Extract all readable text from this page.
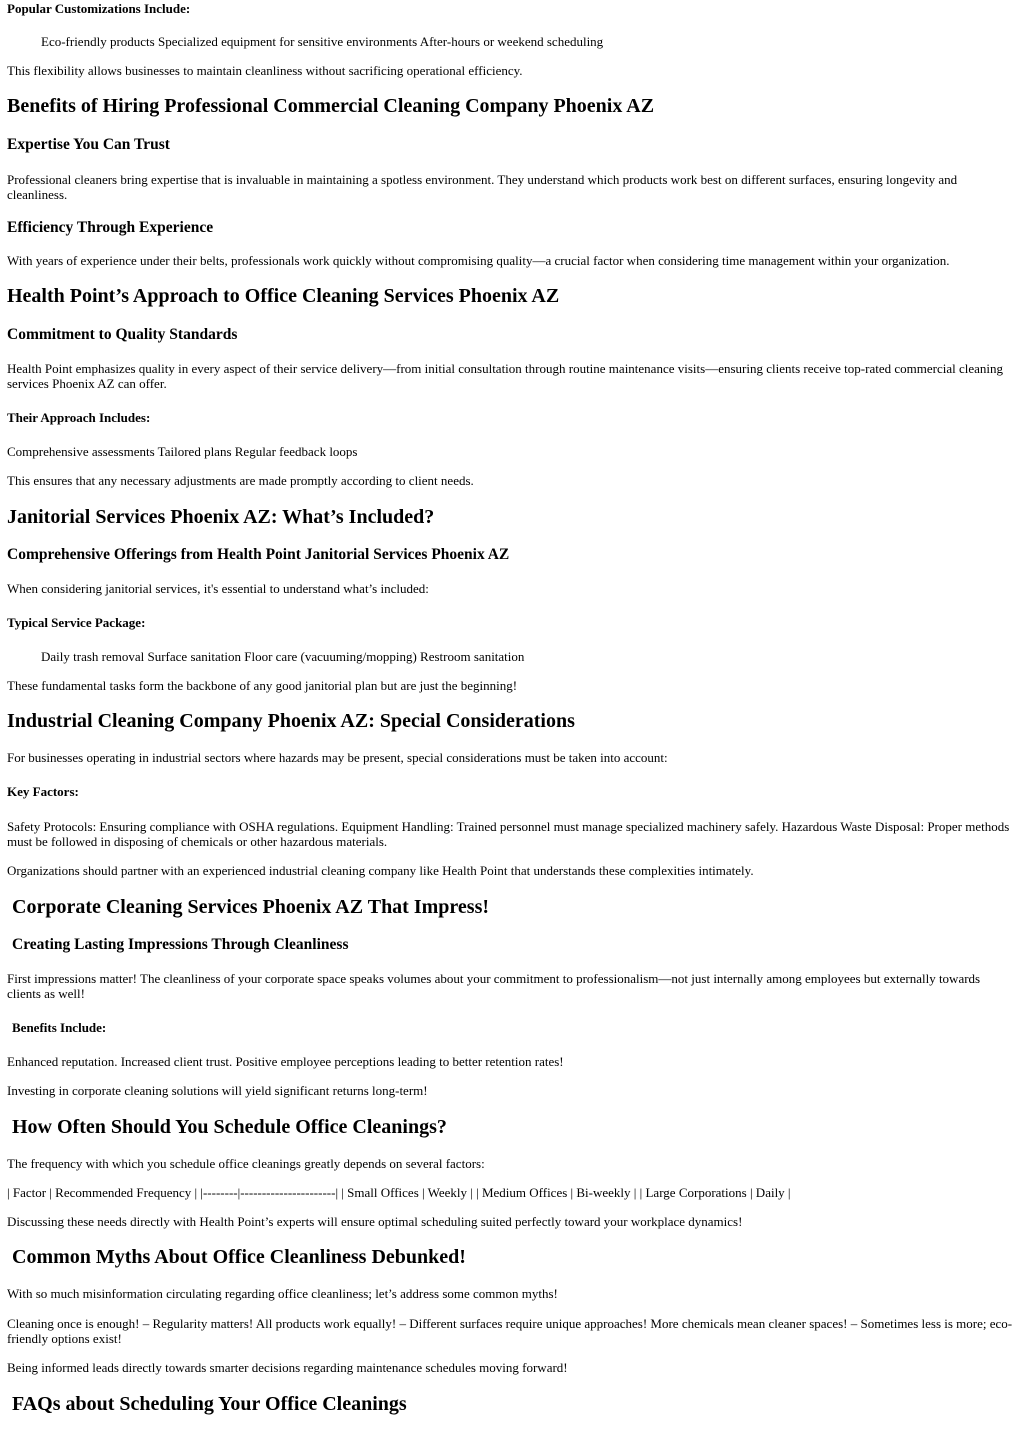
Popular Customizations Include:
Eco-friendly products Specialized equipment for sensitive environments After-hours or weekend scheduling
This flexibility allows businesses to maintain cleanliness without sacrificing operational efficiency.
Benefits of Hiring Professional Commercial Cleaning Company Phoenix AZ
Expertise You Can Trust
Professional cleaners bring expertise that is invaluable in maintaining a spotless environment. They understand which products work best on different surfaces, ensuring longevity and cleanliness.
Efficiency Through Experience
With years of experience under their belts, professionals work quickly without compromising quality—a crucial factor when considering time management within your organization.
Health Point’s Approach to Office Cleaning Services Phoenix AZ
Commitment to Quality Standards
Health Point emphasizes quality in every aspect of their service delivery—from initial consultation through routine maintenance visits—ensuring clients receive top-rated commercial cleaning services Phoenix AZ can offer.
Their Approach Includes:
Comprehensive assessments Tailored plans Regular feedback loops
This ensures that any necessary adjustments are made promptly according to client needs.
Janitorial Services Phoenix AZ: What’s Included?
Comprehensive Offerings from Health Point Janitorial Services Phoenix AZ
When considering janitorial services, it's essential to understand what’s included:
Typical Service Package:
Daily trash removal Surface sanitation Floor care (vacuuming/mopping) Restroom sanitation
These fundamental tasks form the backbone of any good janitorial plan but are just the beginning!
Industrial Cleaning Company Phoenix AZ: Special Considerations
For businesses operating in industrial sectors where hazards may be present, special considerations must be taken into account:
Key Factors:
Safety Protocols: Ensuring compliance with OSHA regulations. Equipment Handling: Trained personnel must manage specialized machinery safely. Hazardous Waste Disposal: Proper methods must be followed in disposing of chemicals or other hazardous materials.
Organizations should partner with an experienced industrial cleaning company like Health Point that understands these complexities intimately.
Corporate Cleaning Services Phoenix AZ That Impress!
Creating Lasting Impressions Through Cleanliness
First impressions matter! The cleanliness of your corporate space speaks volumes about your commitment to professionalism—not just internally among employees but externally towards clients as well!
Benefits Include:
Enhanced reputation. Increased client trust. Positive employee perceptions leading to better retention rates!
Investing in corporate cleaning solutions will yield significant returns long-term!
How Often Should You Schedule Office Cleanings?
The frequency with which you schedule office cleanings greatly depends on several factors:
| Factor | Recommended Frequency | |--------|----------------------| | Small Offices | Weekly | | Medium Offices | Bi-weekly | | Large Corporations | Daily |
Discussing these needs directly with Health Point’s experts will ensure optimal scheduling suited perfectly toward your workplace dynamics!
Common Myths About Office Cleanliness Debunked!
With so much misinformation circulating regarding office cleanliness; let’s address some common myths!
Cleaning once is enough! – Regularity matters! All products work equally! – Different surfaces require unique approaches! More chemicals mean cleaner spaces! – Sometimes less is more; eco-friendly options exist!
Being informed leads directly towards smarter decisions regarding maintenance schedules moving forward!
FAQs about Scheduling Your Office Cleanings
